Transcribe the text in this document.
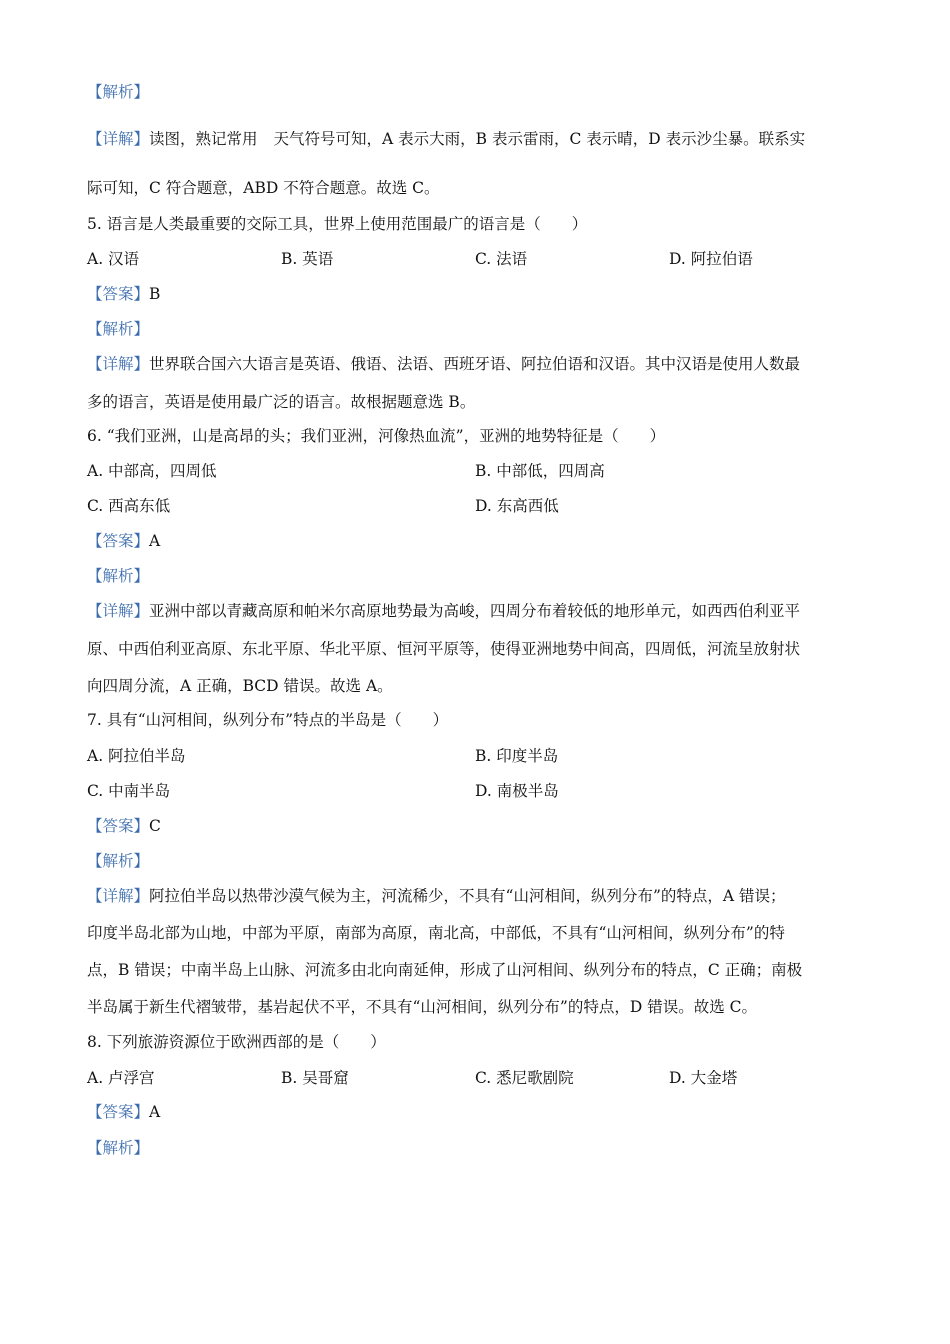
【解析】
【详解】读图，熟记常用 天气符号可知，A 表示大雨，B 表示雷雨，C 表示晴，D 表示沙尘暴。联系实
际可知，C 符合题意，ABD 不符合题意。故选 C。
5. 语言是人类最重要的交际工具，世界上使用范围最广的语言是（　　）
A. 汉语	B. 英语	C. 法语	D. 阿拉伯语
【答案】B
【解析】
【详解】世界联合国六大语言是英语、俄语、法语、西班牙语、阿拉伯语和汉语。其中汉语是使用人数最
多的语言，英语是使用最广泛的语言。故根据题意选 B。
6. “我们亚洲，山是高昂的头；我们亚洲，河像热血流”，亚洲的地势特征是（　　）
A. 中部高，四周低	B. 中部低，四周高
C. 西高东低	D. 东高西低
【答案】A
【解析】
【详解】亚洲中部以青藏高原和帕米尔高原地势最为高峻，四周分布着较低的地形单元，如西西伯利亚平
原、中西伯利亚高原、东北平原、华北平原、恒河平原等，使得亚洲地势中间高，四周低，河流呈放射状
向四周分流，A 正确，BCD 错误。故选 A。
7. 具有“山河相间，纵列分布”特点的半岛是（　　）
A. 阿拉伯半岛	B. 印度半岛
C. 中南半岛	D. 南极半岛
【答案】C
【解析】
【详解】阿拉伯半岛以热带沙漠气候为主，河流稀少，不具有“山河相间，纵列分布”的特点，A 错误；
印度半岛北部为山地，中部为平原，南部为高原，南北高，中部低，不具有“山河相间，纵列分布”的特
点，B 错误；中南半岛上山脉、河流多由北向南延伸，形成了山河相间、纵列分布的特点，C 正确；南极
半岛属于新生代褶皱带，基岩起伏不平，不具有“山河相间，纵列分布”的特点，D 错误。故选 C。
8. 下列旅游资源位于欧洲西部的是（　　）
A. 卢浮宫	B. 吴哥窟	C. 悉尼歌剧院	D. 大金塔
【答案】A
【解析】
